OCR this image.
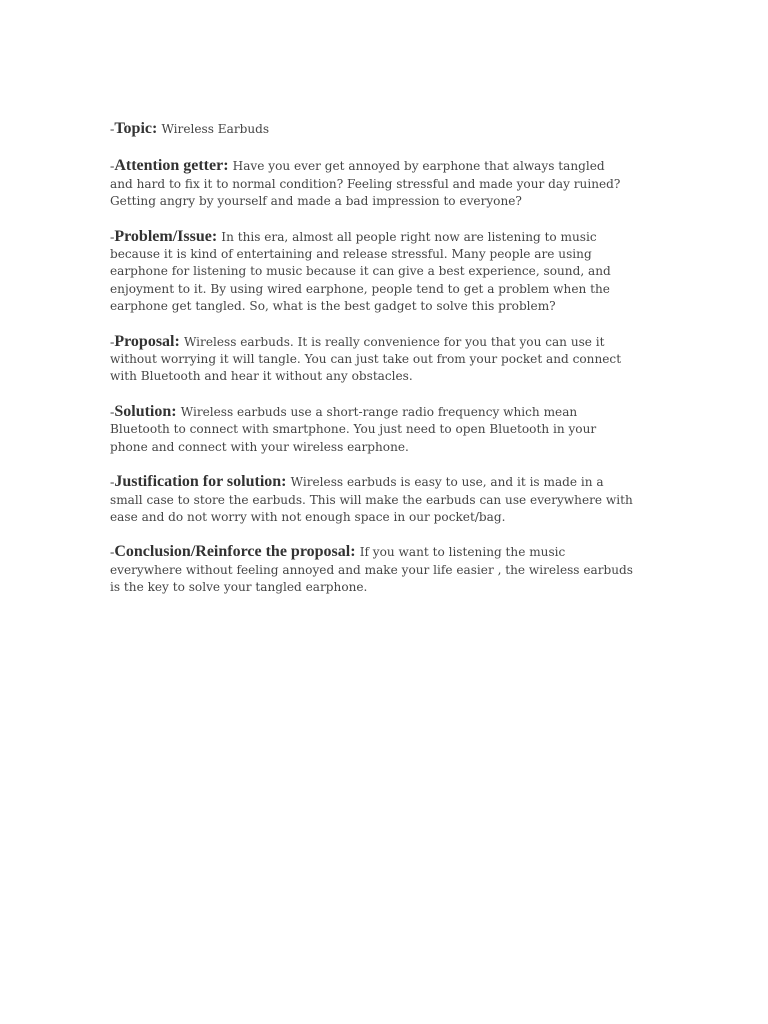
-Topic: Wireless Earbuds
-Attention getter: Have you ever get annoyed by earphone that always tangled
and hard to fix it to normal condition? Feeling stressful and made your day ruined?
Getting angry by yourself and made a bad impression to everyone?
-Problem/Issue: In this era, almost all people right now are listening to music
because it is kind of entertaining and release stressful. Many people are using
earphone for listening to music because it can give a best experience, sound, and
enjoyment to it. By using wired earphone, people tend to get a problem when the
earphone get tangled. So, what is the best gadget to solve this problem?
-Proposal: Wireless earbuds. It is really convenience for you that you can use it
without worrying it will tangle. You can just take out from your pocket and connect
with Bluetooth and hear it without any obstacles.
-Solution: Wireless earbuds use a short-range radio frequency which mean
Bluetooth to connect with smartphone. You just need to open Bluetooth in your
phone and connect with your wireless earphone.
-Justification for solution: Wireless earbuds is easy to use, and it is made in a
small case to store the earbuds. This will make the earbuds can use everywhere with
ease and do not worry with not enough space in our pocket/bag.
-Conclusion/Reinforce the proposal: If you want to listening the music
everywhere without feeling annoyed and make your life easier , the wireless earbuds
is the key to solve your tangled earphone.
